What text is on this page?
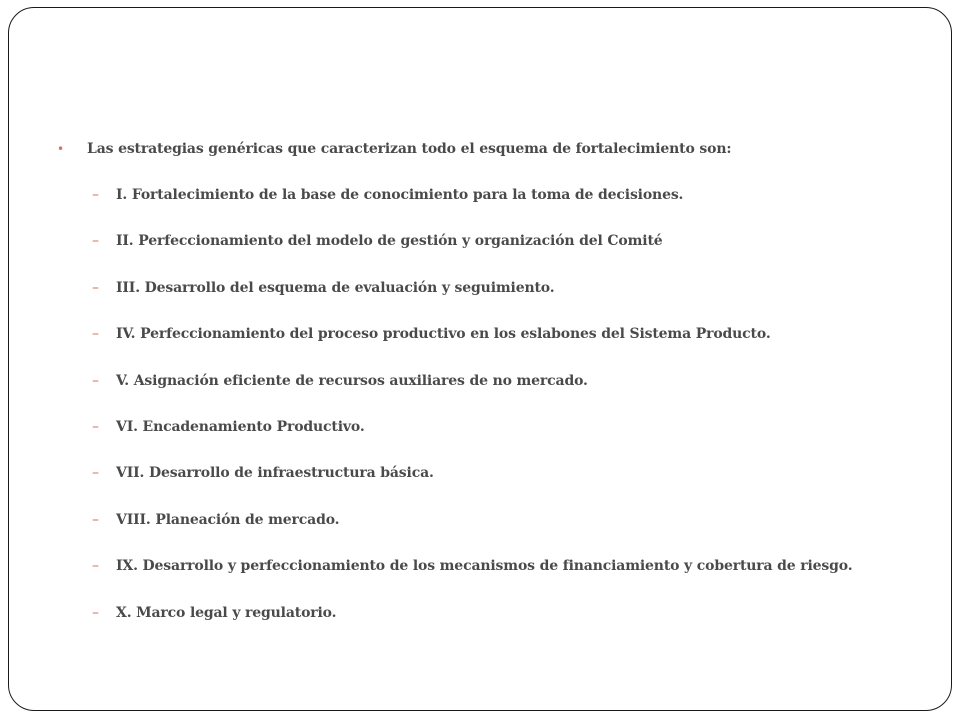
•	Las estrategias genéricas que caracterizan todo el esquema de fortalecimiento son:
–	I. Fortalecimiento de la base de conocimiento para la toma de decisiones.
–	II. Perfeccionamiento del modelo de gestión y organización del Comité
–	III. Desarrollo del esquema de evaluación y seguimiento.
–	IV. Perfeccionamiento del proceso productivo en los eslabones del Sistema Producto.
–	V. Asignación eficiente de recursos auxiliares de no mercado.
–	VI. Encadenamiento Productivo.
–	VII. Desarrollo de infraestructura básica.
–	VIII. Planeación de mercado.
–	IX. Desarrollo y perfeccionamiento de los mecanismos de financiamiento y cobertura de riesgo.
–	X. Marco legal y regulatorio.
